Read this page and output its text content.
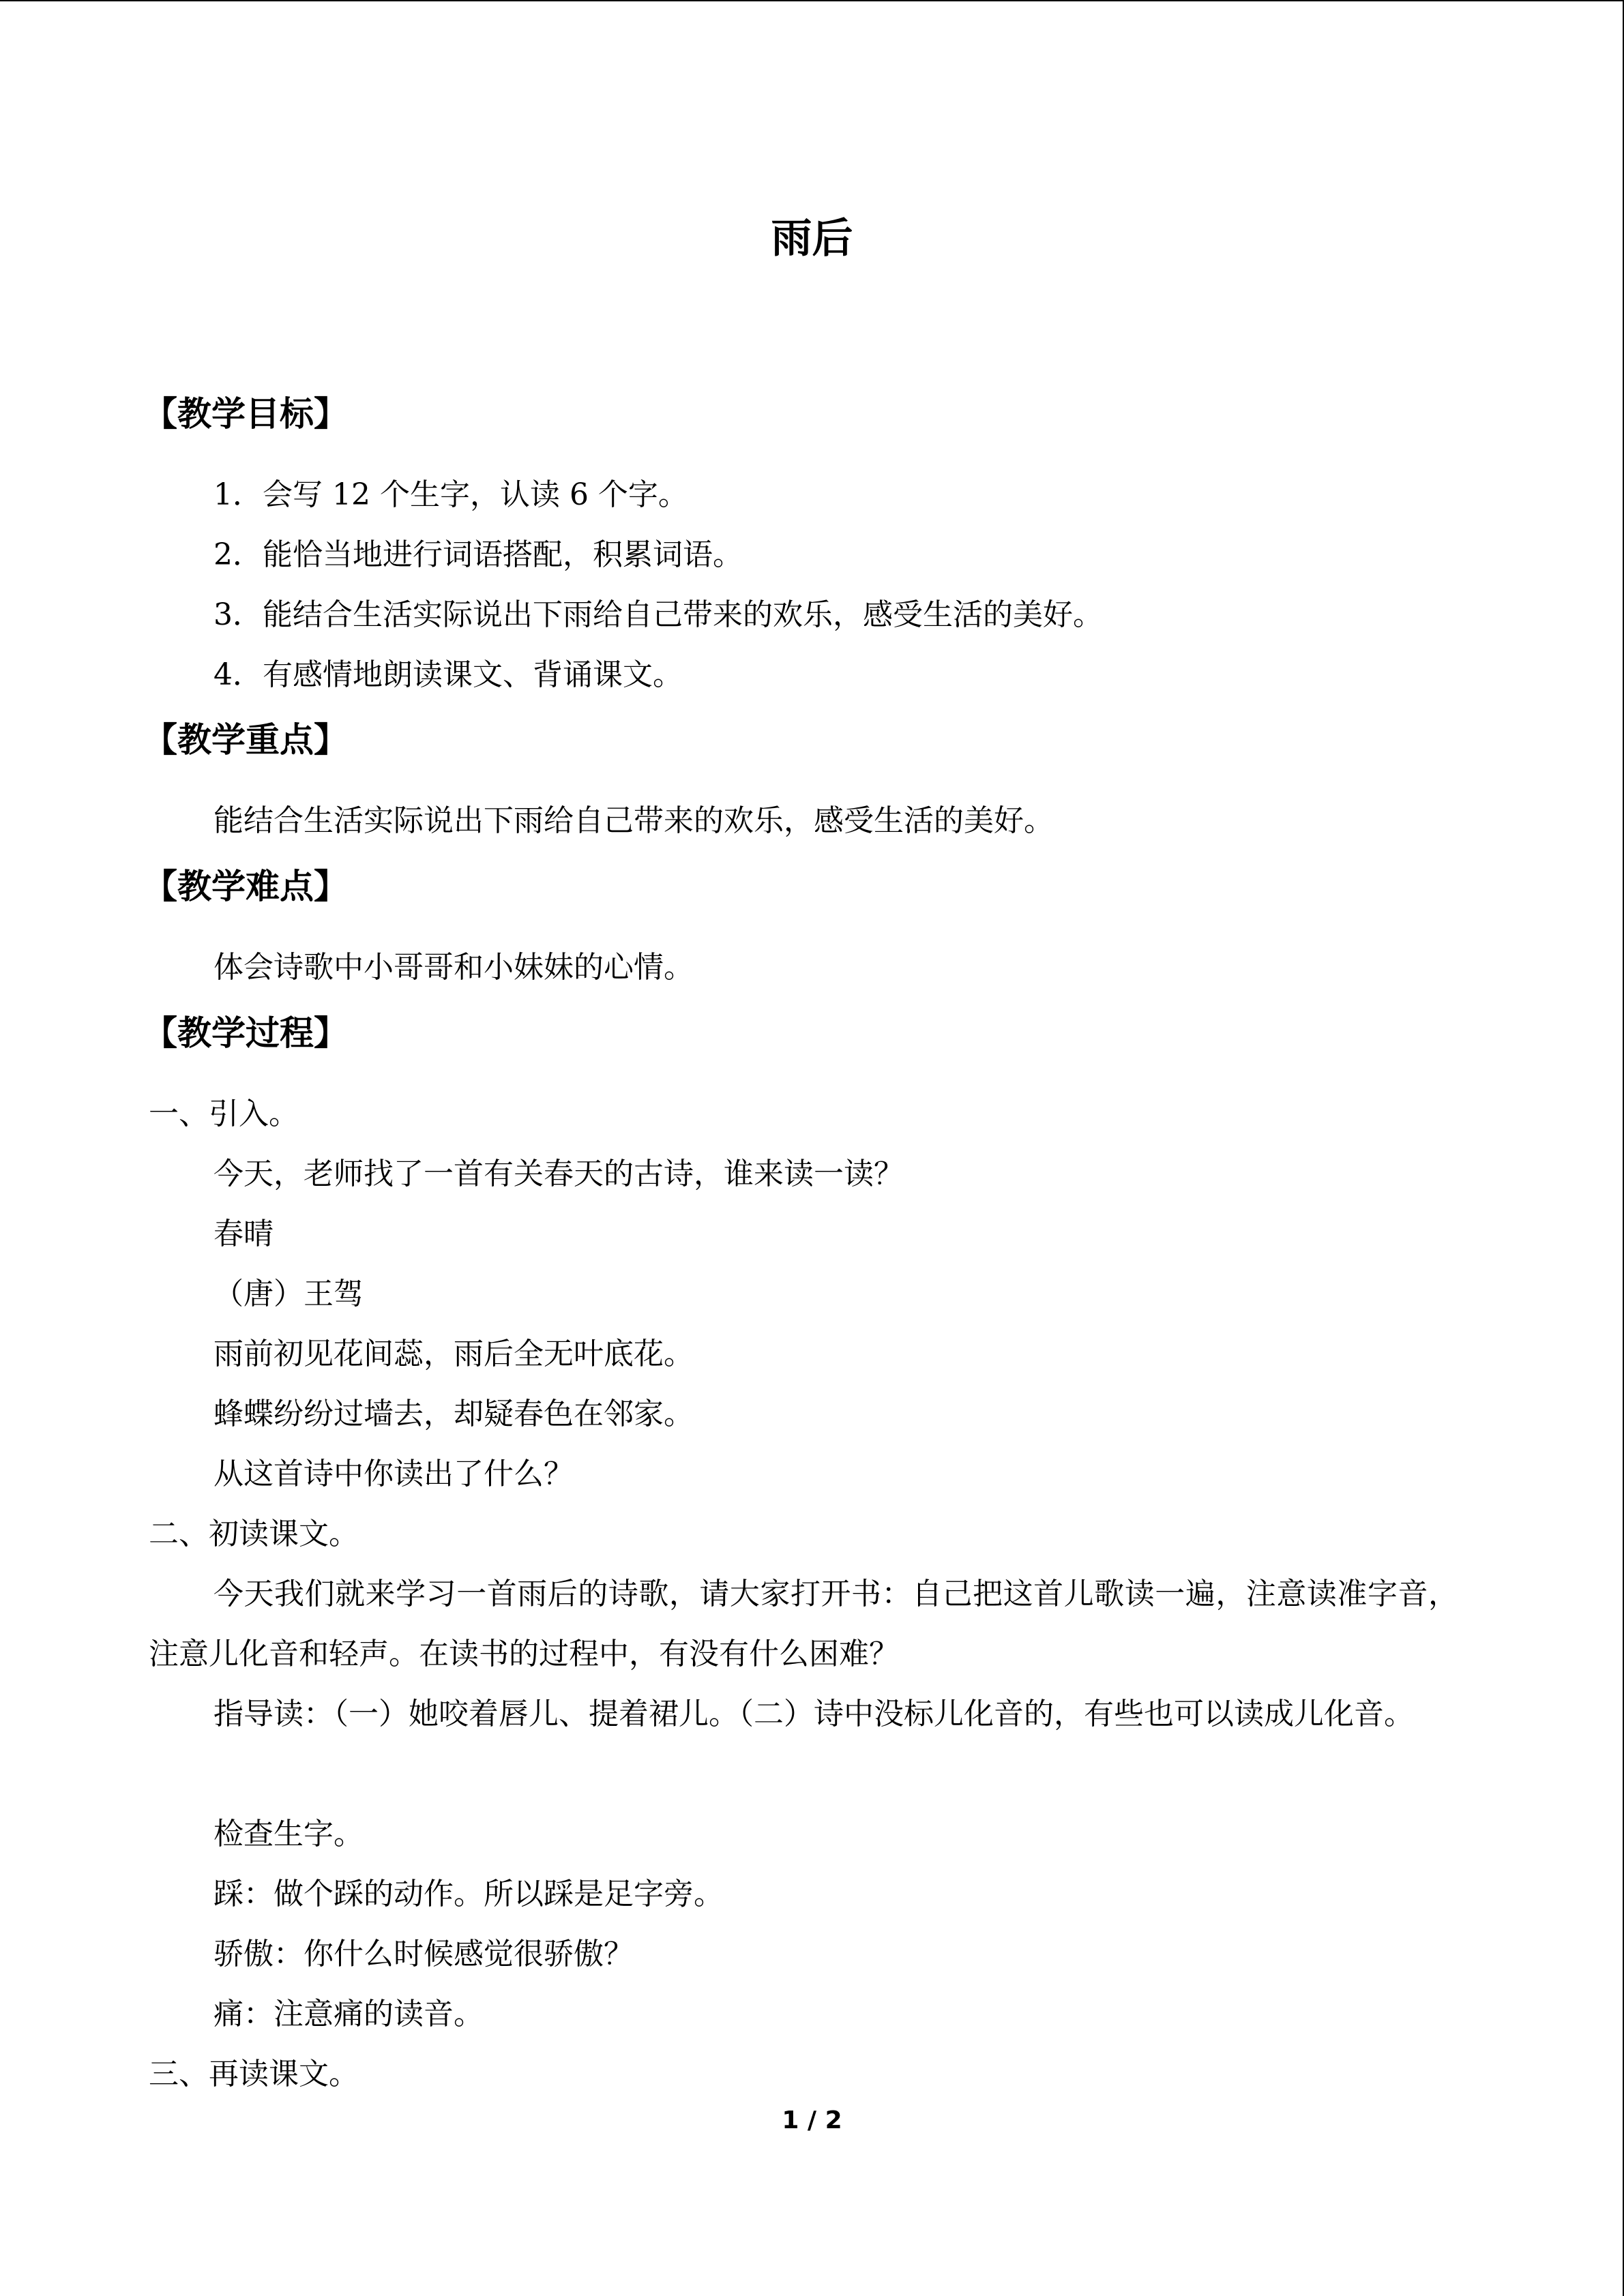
雨后
【教学目标】
1．会写 12 个生字，认读 6 个字。
2．能恰当地进行词语搭配，积累词语。
3．能结合生活实际说出下雨给自己带来的欢乐，感受生活的美好。
4．有感情地朗读课文、背诵课文。
【教学重点】
能结合生活实际说出下雨给自己带来的欢乐，感受生活的美好。
【教学难点】
体会诗歌中小哥哥和小妹妹的心情。
【教学过程】
一、引入。
今天，老师找了一首有关春天的古诗，谁来读一读？
春晴
（唐）王驾
雨前初见花间蕊，雨后全无叶底花。
蜂蝶纷纷过墙去，却疑春色在邻家。
从这首诗中你读出了什么？
二、初读课文。
今天我们就来学习一首雨后的诗歌，请大家打开书：自己把这首儿歌读一遍，注意读准字音，注意儿化音和轻声。在读书的过程中，有没有什么困难？
指导读：（一）她咬着唇儿、提着裙儿。（二）诗中没标儿化音的，有些也可以读成儿化音。
检查生字。
踩：做个踩的动作。所以踩是足字旁。
骄傲：你什么时候感觉很骄傲？
痛：注意痛的读音。
三、再读课文。
1 / 2
